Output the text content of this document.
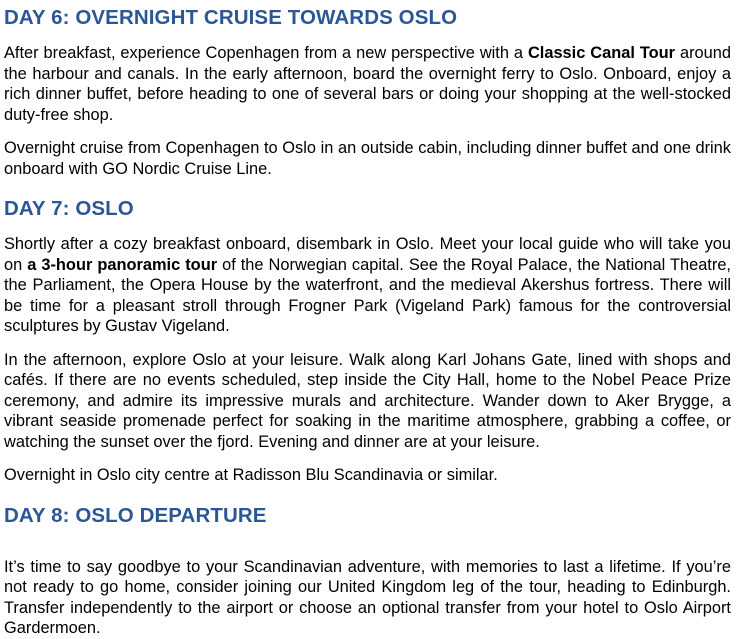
DAY 6: OVERNIGHT CRUISE TOWARDS OSLO

After breakfast, experience Copenhagen from a new perspective with a Classic Canal Tour around the harbour and canals. In the early afternoon, board the overnight ferry to Oslo. Onboard, enjoy a rich dinner buffet, before heading to one of several bars or doing your shopping at the well-stocked duty-free shop.

Overnight cruise from Copenhagen to Oslo in an outside cabin, including dinner buffet and one drink onboard with GO Nordic Cruise Line.

DAY 7: OSLO

Shortly after a cozy breakfast onboard, disembark in Oslo. Meet your local guide who will take you on a 3-hour panoramic tour of the Norwegian capital. See the Royal Palace, the National Theatre, the Parliament, the Opera House by the waterfront, and the medieval Akershus fortress. There will be time for a pleasant stroll through Frogner Park (Vigeland Park) famous for the controversial sculptures by Gustav Vigeland.

In the afternoon, explore Oslo at your leisure. Walk along Karl Johans Gate, lined with shops and cafés. If there are no events scheduled, step inside the City Hall, home to the Nobel Peace Prize ceremony, and admire its impressive murals and architecture. Wander down to Aker Brygge, a vibrant seaside promenade perfect for soaking in the maritime atmosphere, grabbing a coffee, or watching the sunset over the fjord. Evening and dinner are at your leisure.

Overnight in Oslo city centre at Radisson Blu Scandinavia or similar.

DAY 8: OSLO DEPARTURE

It’s time to say goodbye to your Scandinavian adventure, with memories to last a lifetime. If you’re not ready to go home, consider joining our United Kingdom leg of the tour, heading to Edinburgh. Transfer independently to the airport or choose an optional transfer from your hotel to Oslo Airport Gardermoen.
